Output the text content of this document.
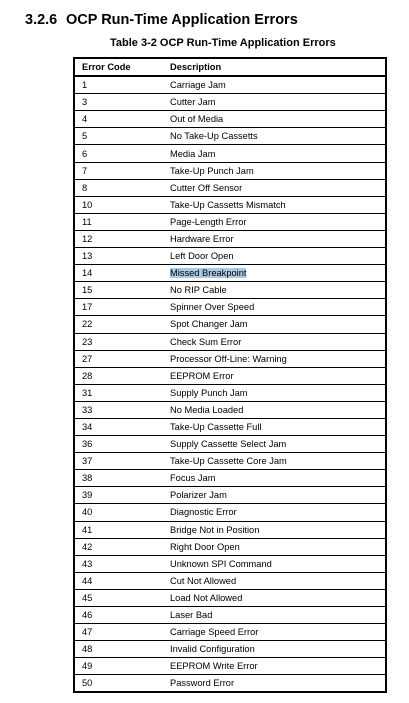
3.2.6 OCP Run-Time Application Errors
Table 3-2 OCP Run-Time Application Errors
Error Code	Description
1	Carriage Jam
3	Cutter Jam
4	Out of Media
5	No Take-Up Cassetts
6	Media Jam
7	Take-Up Punch Jam
8	Cutter Off Sensor
10	Take-Up Cassetts Mismatch
11	Page-Length Error
12	Hardware Error
13	Left Door Open
14	Missed Breakpoint
15	No RIP Cable
17	Spinner Over Speed
22	Spot Changer Jam
23	Check Sum Error
27	Processor Off-Line: Warning
28	EEPROM Error
31	Supply Punch Jam
33	No Media Loaded
34	Take-Up Cassette Full
36	Supply Cassette Select Jam
37	Take-Up Cassette Core Jam
38	Focus Jam
39	Polarizer Jam
40	Diagnostic Error
41	Bridge Not in Position
42	Right Door Open
43	Unknown SPI Command
44	Cut Not Allowed
45	Load Not Allowed
46	Laser Bad
47	Carriage Speed Error
48	Invalid Configuration
49	EEPROM Write Error
50	Password Error
